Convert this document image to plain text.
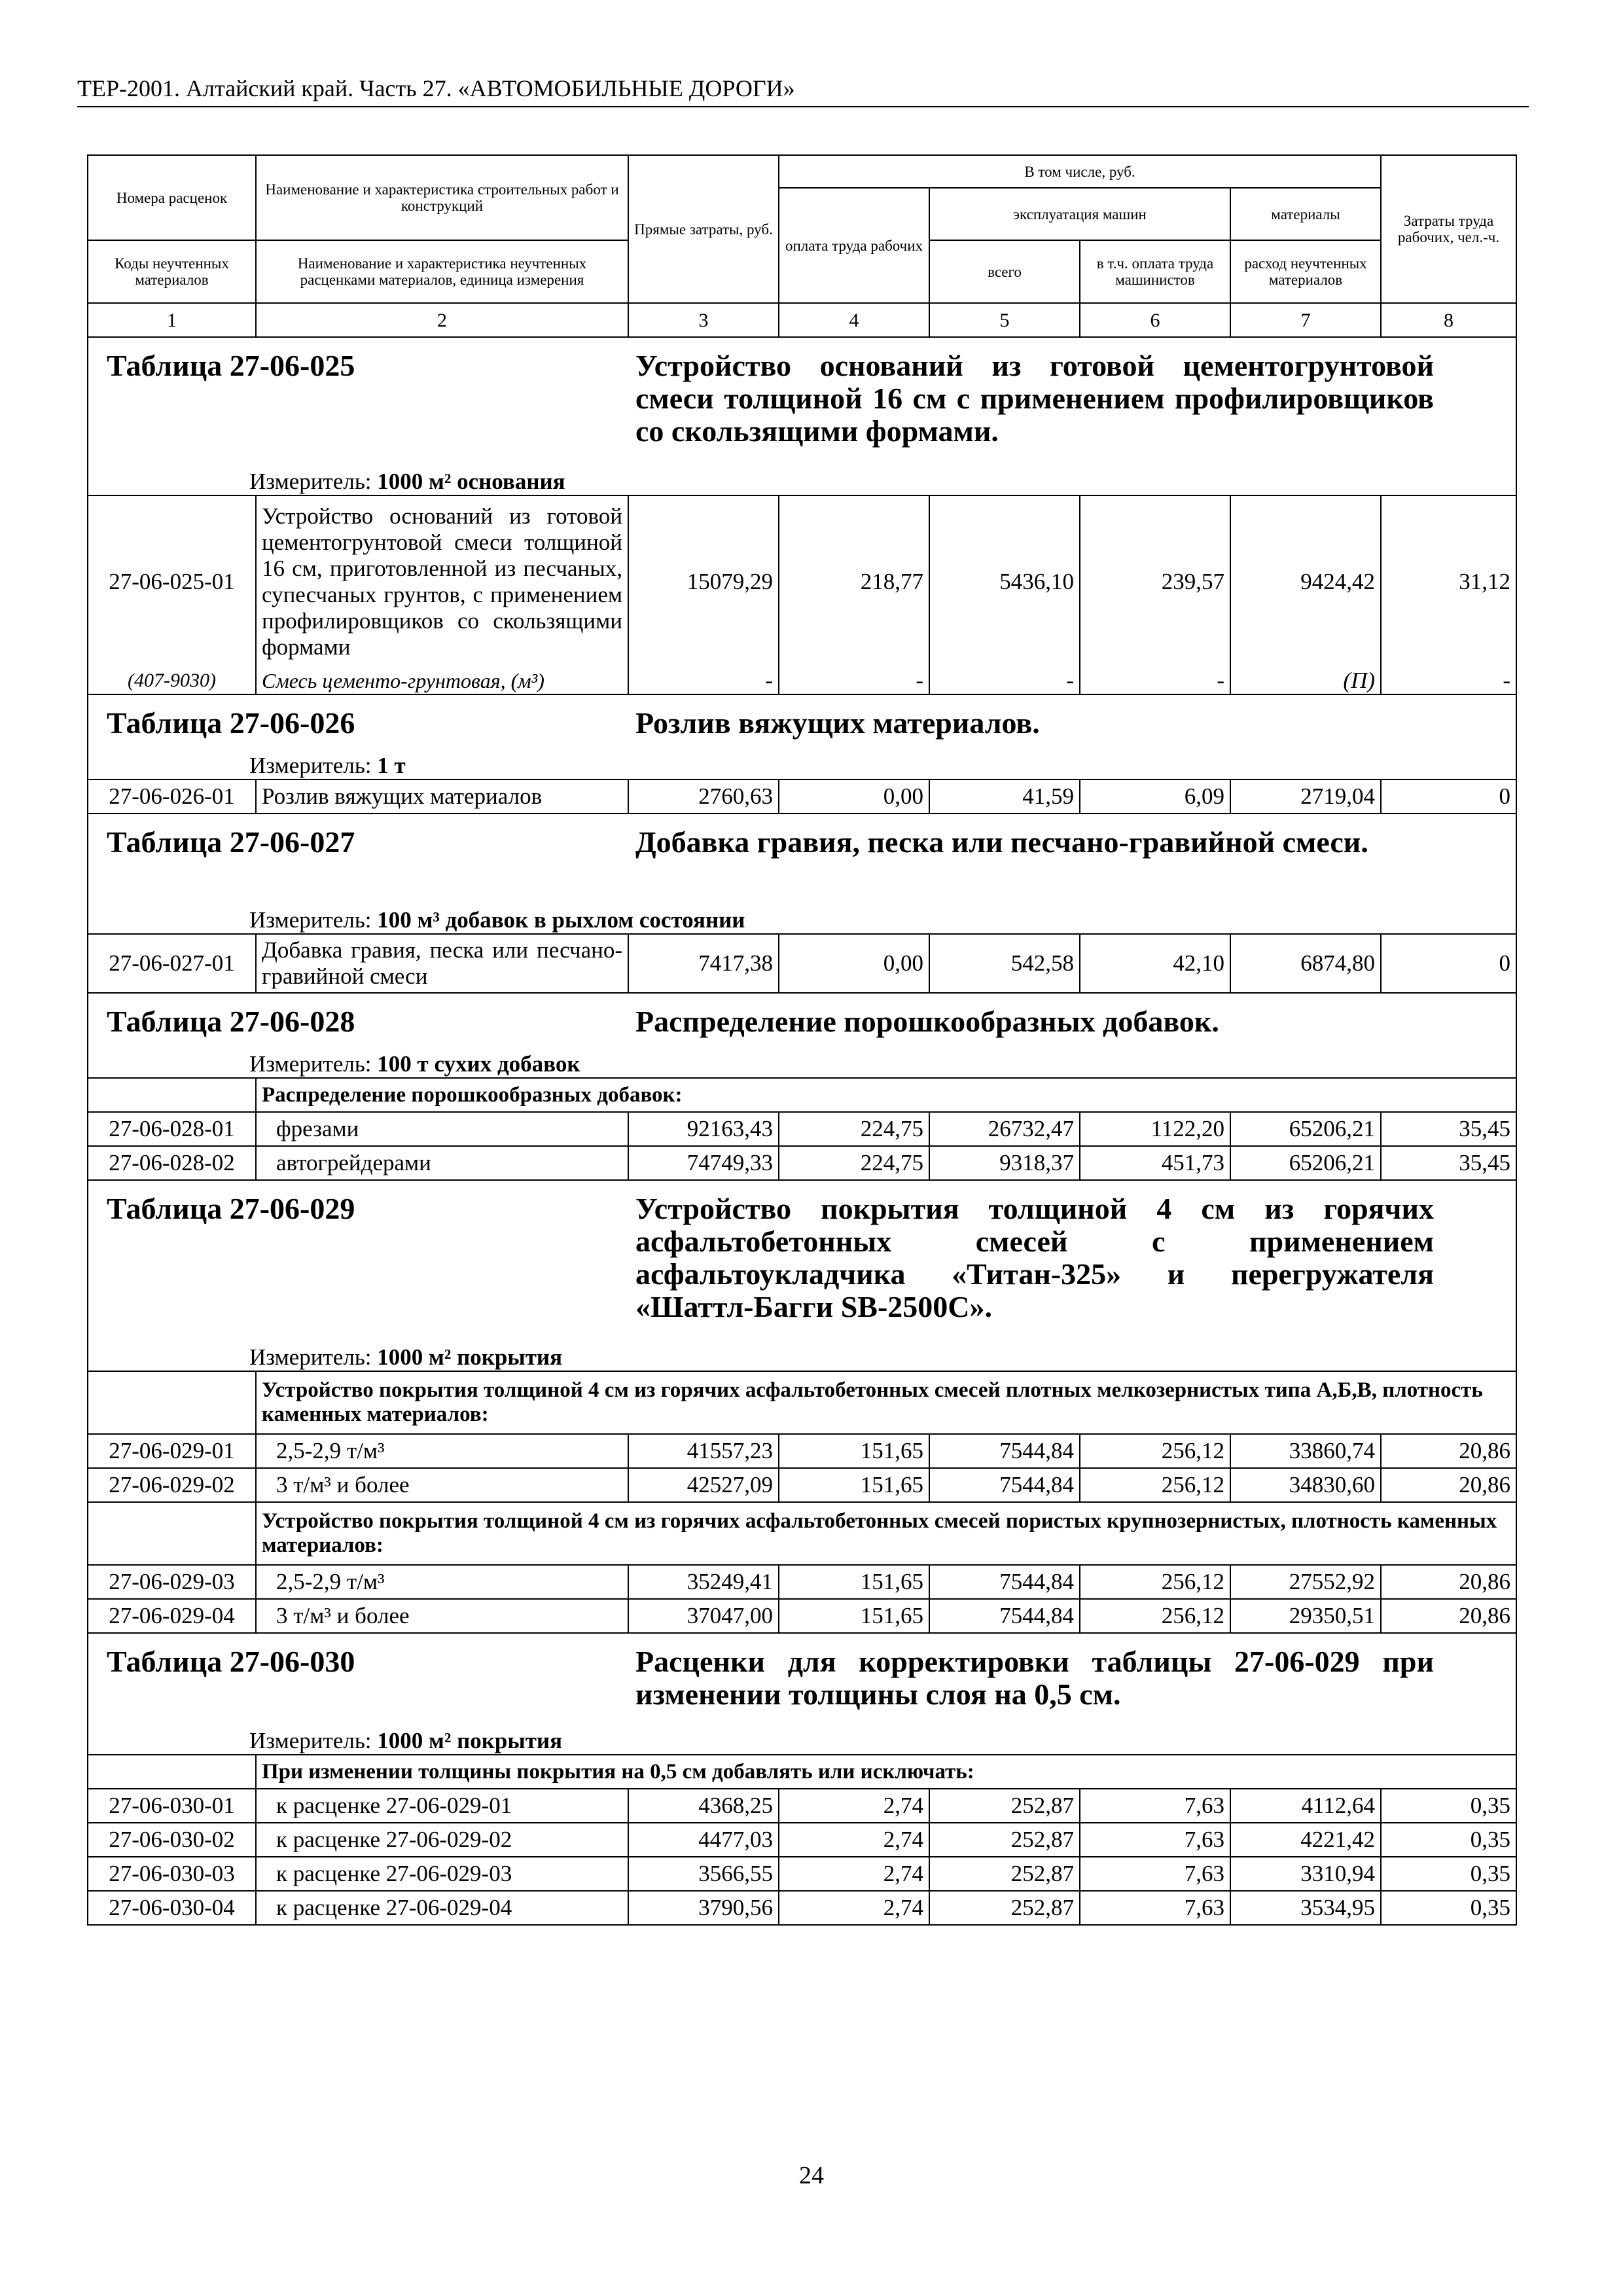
ТЕР-2001. Алтайский край. Часть 27. «АВТОМОБИЛЬНЫЕ ДОРОГИ»
Номера расценок	Наименование и характеристика строительных работ и конструкций	Прямые затраты, руб.	В том числе, руб.				Затраты труда рабочих, чел.-ч.
			оплата труда рабочих	эксплуатация машин		материалы	
Коды неучтенных материалов	Наименование и характеристика неучтенных расценками материалов, единица измерения			всего	в т.ч. оплата труда машинистов	расход неучтенных материалов	
1	2	3	4	5	6	7	8

Таблица 27-06-025 Устройство оснований из готовой цементогрунтовой смеси толщиной 16 см с применением профилировщиков со скользящими формами.							

Измеритель: 1000 м² основания							
27-06-025-01	Устройство оснований из готовой цементогрунтовой смеси толщиной 16 см, приготовленной из песчаных, супесчаных грунтов, с применением профилировщиков со скользящими формами	15079,29	218,77	5436,10	239,57	9424,42	31,12
(407-9030)	Смесь цементо-грунтовая, (м³)	-	-	-	-	(П)	-

Таблица 27-06-026 Розлив вяжущих материалов.							

Измеритель: 1 т							
27-06-026-01	Розлив вяжущих материалов	2760,63	0,00	41,59	6,09	2719,04	0

Таблица 27-06-027 Добавка гравия, песка или песчано-гравийной смеси.							

Измеритель: 100 м³ добавок в рыхлом состоянии							
27-06-027-01	Добавка гравия, песка или песчано-гравийной смеси	7417,38	0,00	542,58	42,10	6874,80	0

Таблица 27-06-028 Распределение порошкообразных добавок.							

Измеритель: 100 т сухих добавок							
	Распределение порошкообразных добавок:						
27-06-028-01	фрезами	92163,43	224,75	26732,47	1122,20	65206,21	35,45
27-06-028-02	автогрейдерами	74749,33	224,75	9318,37	451,73	65206,21	35,45

Таблица 27-06-029 Устройство покрытия толщиной 4 см из горячих асфальтобетонных смесей с применением асфальтоукладчика «Титан-325» и перегружателя «Шаттл-Багги SB-2500C».							

Измеритель: 1000 м² покрытия							
	Устройство покрытия толщиной 4 см из горячих асфальтобетонных смесей плотных мелкозернистых типа А,Б,В, плотность каменных материалов:						
27-06-029-01	2,5-2,9 т/м³	41557,23	151,65	7544,84	256,12	33860,74	20,86
27-06-029-02	3 т/м³ и более	42527,09	151,65	7544,84	256,12	34830,60	20,86
	Устройство покрытия толщиной 4 см из горячих асфальтобетонных смесей пористых крупнозернистых, плотность каменных материалов:						
27-06-029-03	2,5-2,9 т/м³	35249,41	151,65	7544,84	256,12	27552,92	20,86
27-06-029-04	3 т/м³ и более	37047,00	151,65	7544,84	256,12	29350,51	20,86

Таблица 27-06-030 Расценки для корректировки таблицы 27-06-029 при изменении толщины слоя на 0,5 см.							

Измеритель: 1000 м² покрытия							
	При изменении толщины покрытия на 0,5 см добавлять или исключать:						
27-06-030-01	к расценке 27-06-029-01	4368,25	2,74	252,87	7,63	4112,64	0,35
27-06-030-02	к расценке 27-06-029-02	4477,03	2,74	252,87	7,63	4221,42	0,35
27-06-030-03	к расценке 27-06-029-03	3566,55	2,74	252,87	7,63	3310,94	0,35
27-06-030-04	к расценке 27-06-029-04	3790,56	2,74	252,87	7,63	3534,95	0,35
24
